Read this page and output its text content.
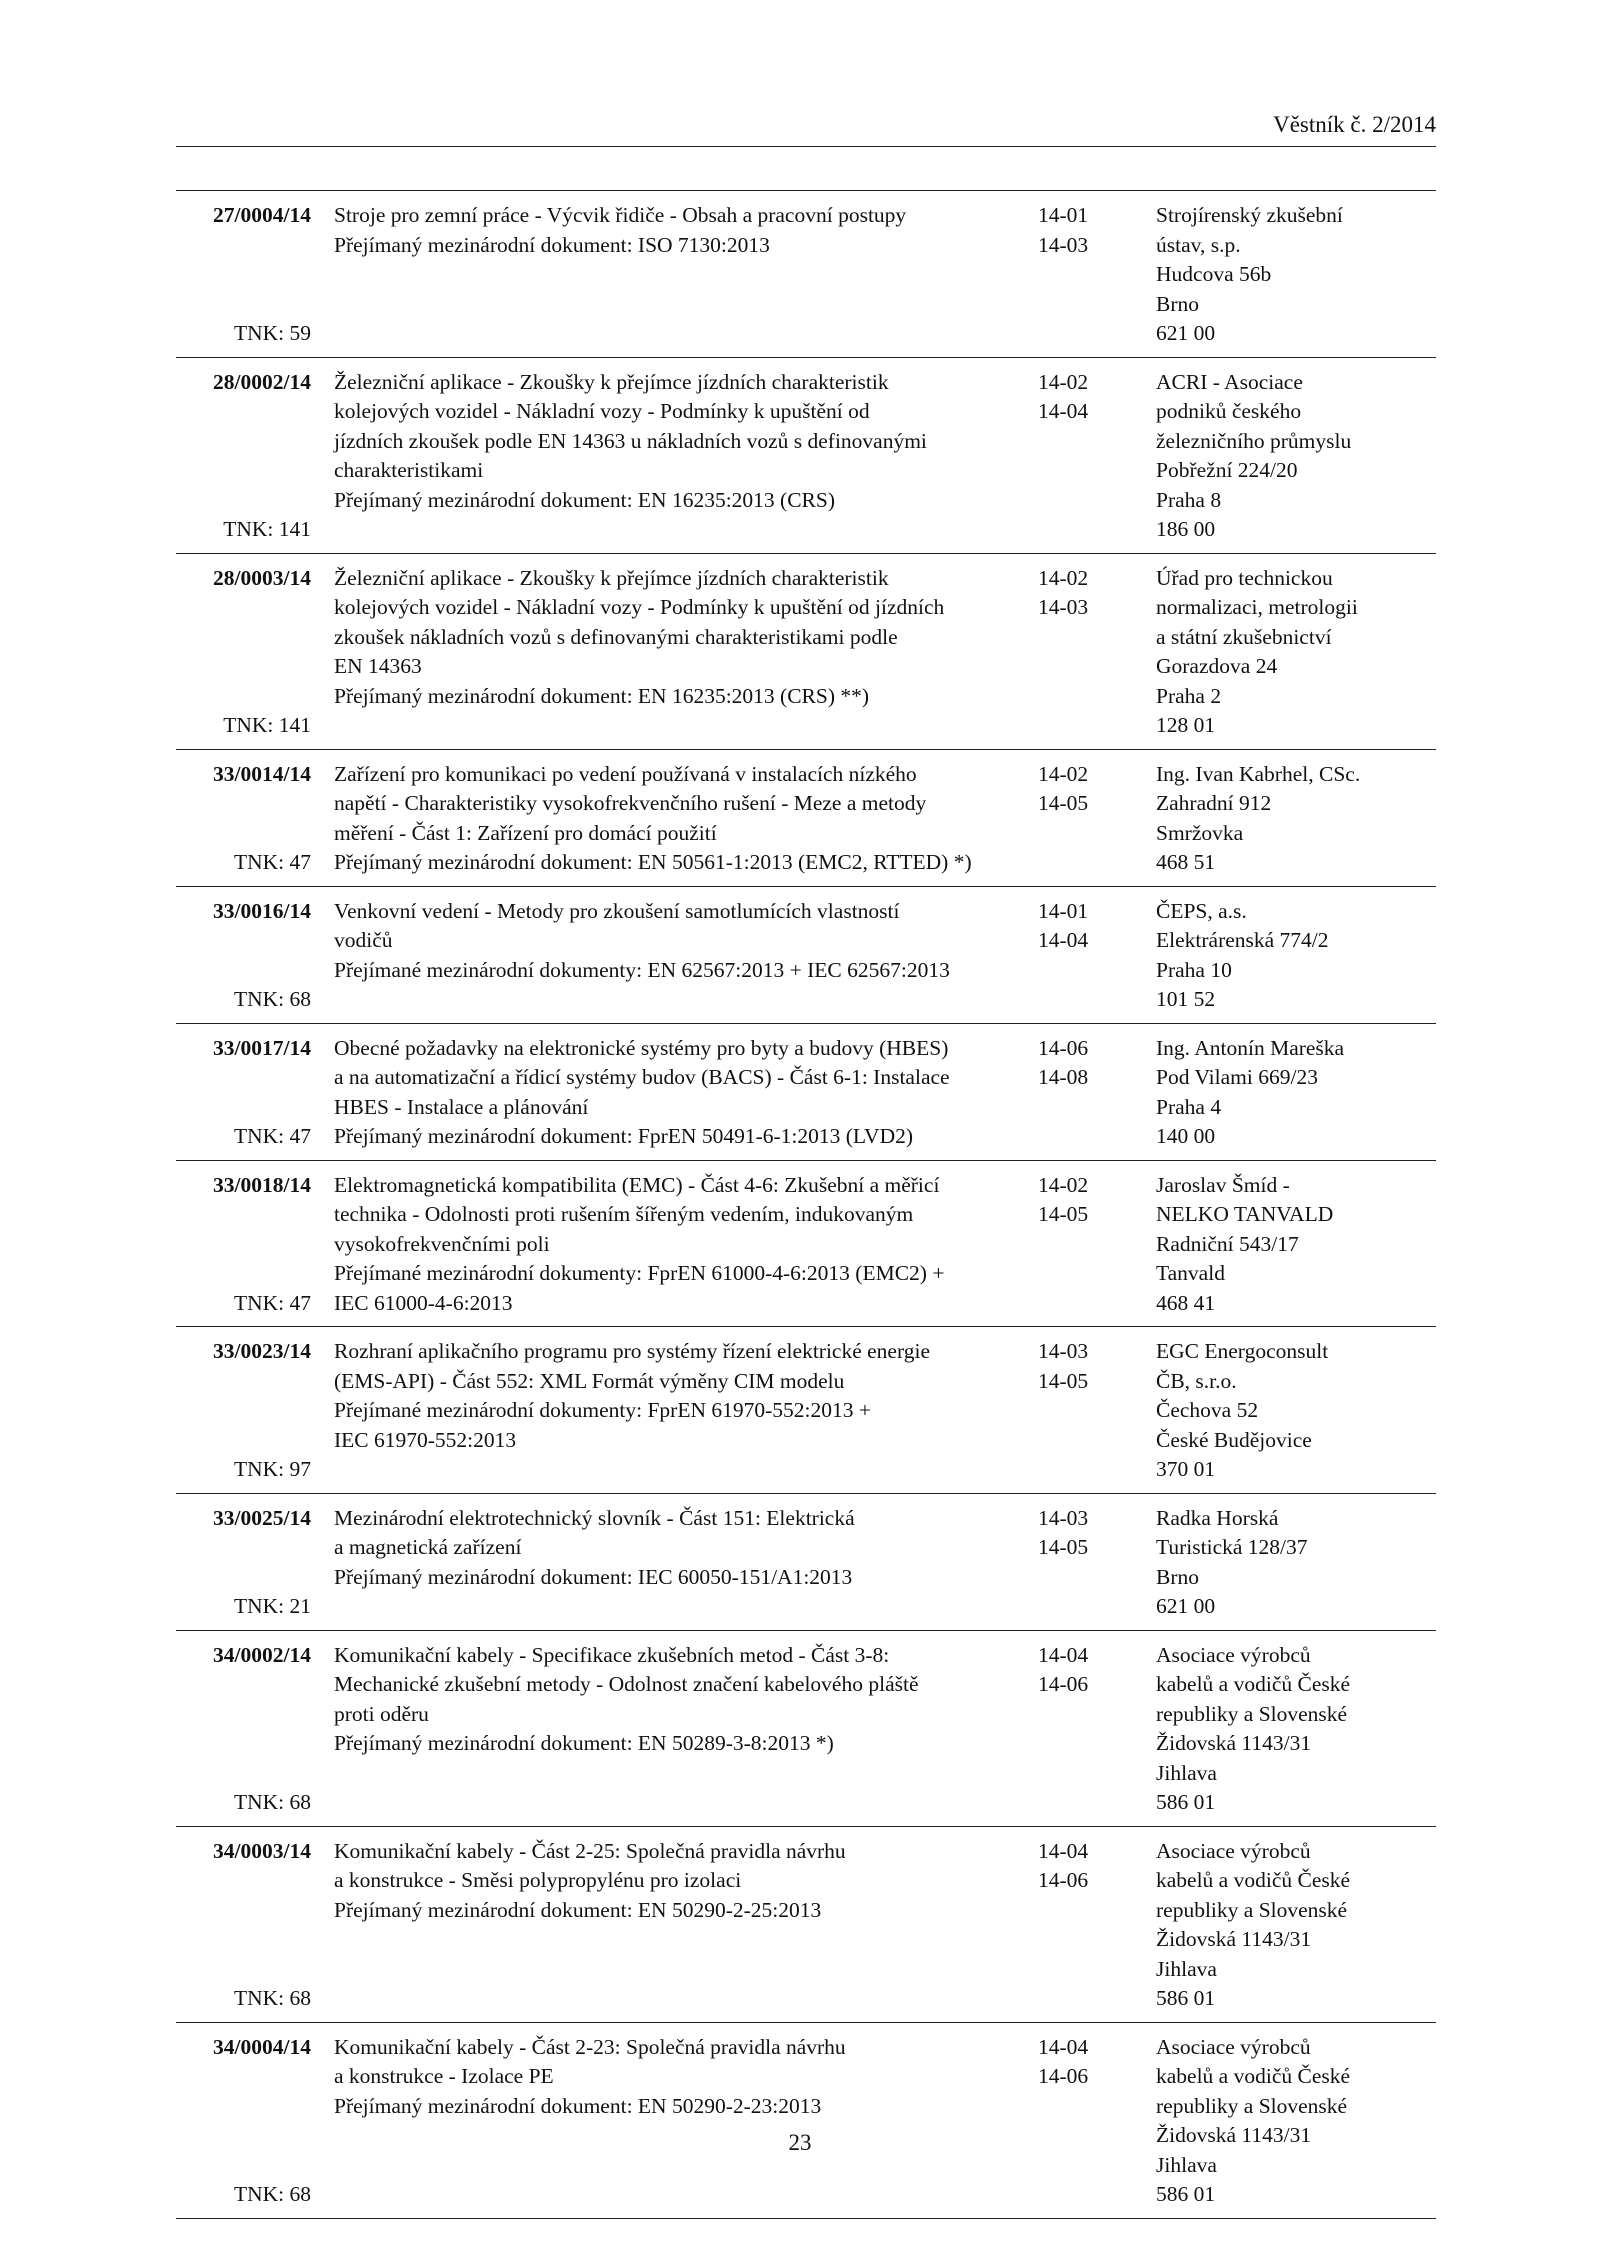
Věstník č. 2/2014
27/0004/14
TNK: 59
Stroje pro zemní práce - Výcvik řidiče - Obsah a pracovní postupy
Přejímaný mezinárodní dokument: ISO 7130:2013
14-01
14-03
Strojírenský zkušební
ústav, s.p.
Hudcova 56b
Brno
621 00
28/0002/14
TNK: 141
Železniční aplikace - Zkoušky k přejímce jízdních charakteristik
kolejových vozidel - Nákladní vozy - Podmínky k upuštění od
jízdních zkoušek podle EN 14363 u nákladních vozů s definovanými
charakteristikami
Přejímaný mezinárodní dokument: EN 16235:2013 (CRS)
14-02
14-04
ACRI - Asociace
podniků českého
železničního průmyslu
Pobřežní 224/20
Praha 8
186 00
28/0003/14
TNK: 141
Železniční aplikace - Zkoušky k přejímce jízdních charakteristik
kolejových vozidel - Nákladní vozy - Podmínky k upuštění od jízdních
zkoušek nákladních vozů s definovanými charakteristikami podle
EN 14363
Přejímaný mezinárodní dokument: EN 16235:2013 (CRS) **)
14-02
14-03
Úřad pro technickou
normalizaci, metrologii
a státní zkušebnictví
Gorazdova 24
Praha 2
128 01
33/0014/14
TNK: 47
Zařízení pro komunikaci po vedení používaná v instalacích nízkého
napětí - Charakteristiky vysokofrekvenčního rušení - Meze a metody
měření - Část 1: Zařízení pro domácí použití
Přejímaný mezinárodní dokument: EN 50561-1:2013 (EMC2, RTTED) *)
14-02
14-05
Ing. Ivan Kabrhel, CSc.
Zahradní 912
Smržovka
468 51
33/0016/14
TNK: 68
Venkovní vedení - Metody pro zkoušení samotlumících vlastností
vodičů
Přejímané mezinárodní dokumenty: EN 62567:2013 + IEC 62567:2013
14-01
14-04
ČEPS, a.s.
Elektrárenská 774/2
Praha 10
101 52
33/0017/14
TNK: 47
Obecné požadavky na elektronické systémy pro byty a budovy (HBES)
a na automatizační a řídicí systémy budov (BACS) - Část 6-1: Instalace
HBES - Instalace a plánování
Přejímaný mezinárodní dokument: FprEN 50491-6-1:2013 (LVD2)
14-06
14-08
Ing. Antonín Mareška
Pod Vilami 669/23
Praha 4
140 00
33/0018/14
TNK: 47
Elektromagnetická kompatibilita (EMC) - Část 4-6: Zkušební a měřicí
technika - Odolnosti proti rušením šířeným vedením, indukovaným
vysokofrekvenčními poli
Přejímané mezinárodní dokumenty: FprEN 61000-4-6:2013 (EMC2) +
IEC 61000-4-6:2013
14-02
14-05
Jaroslav Šmíd -
NELKO TANVALD
Radniční 543/17
Tanvald
468 41
33/0023/14
TNK: 97
Rozhraní aplikačního programu pro systémy řízení elektrické energie
(EMS-API) - Část 552: XML Formát výměny CIM modelu
Přejímané mezinárodní dokumenty: FprEN 61970-552:2013 +
IEC 61970-552:2013
14-03
14-05
EGC Energoconsult
ČB, s.r.o.
Čechova 52
České Budějovice
370 01
33/0025/14
TNK: 21
Mezinárodní elektrotechnický slovník - Část 151: Elektrická
a magnetická zařízení
Přejímaný mezinárodní dokument: IEC 60050-151/A1:2013
14-03
14-05
Radka Horská
Turistická 128/37
Brno
621 00
34/0002/14
TNK: 68
Komunikační kabely - Specifikace zkušebních metod - Část 3-8:
Mechanické zkušební metody - Odolnost značení kabelového pláště
proti oděru
Přejímaný mezinárodní dokument: EN 50289-3-8:2013 *)
14-04
14-06
Asociace výrobců
kabelů a vodičů České
republiky a Slovenské
Židovská 1143/31
Jihlava
586 01
34/0003/14
TNK: 68
Komunikační kabely - Část 2-25: Společná pravidla návrhu
a konstrukce - Směsi polypropylénu pro izolaci
Přejímaný mezinárodní dokument: EN 50290-2-25:2013
14-04
14-06
Asociace výrobců
kabelů a vodičů České
republiky a Slovenské
Židovská 1143/31
Jihlava
586 01
34/0004/14
TNK: 68
Komunikační kabely - Část 2-23: Společná pravidla návrhu
a konstrukce - Izolace PE
Přejímaný mezinárodní dokument: EN 50290-2-23:2013
14-04
14-06
Asociace výrobců
kabelů a vodičů České
republiky a Slovenské
Židovská 1143/31
Jihlava
586 01
23
